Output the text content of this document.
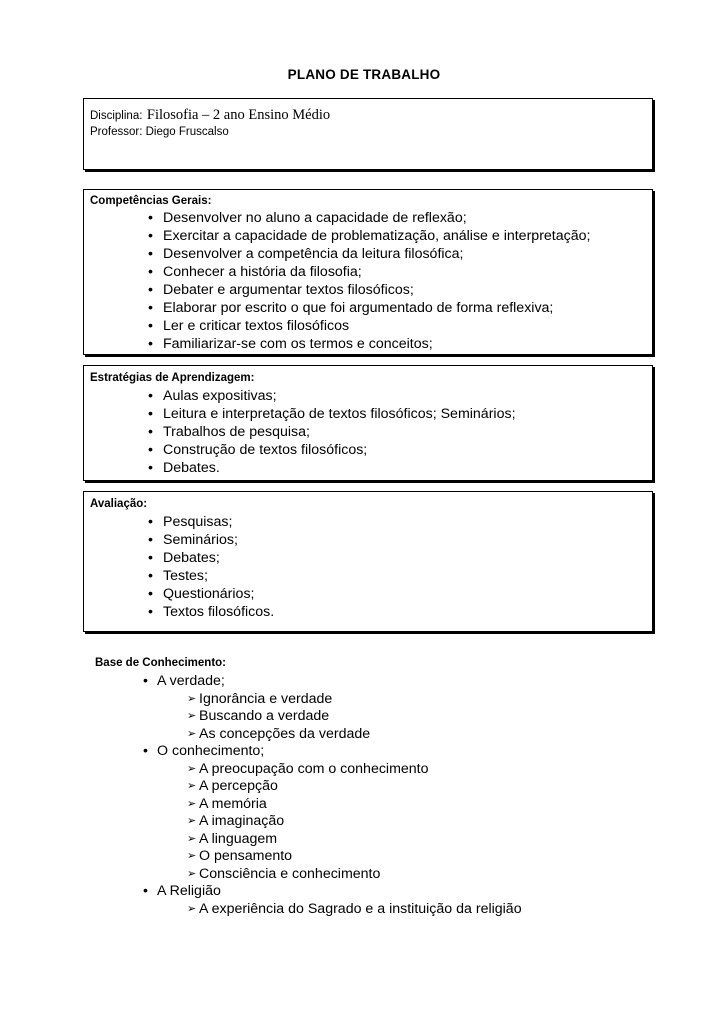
PLANO DE TRABALHO
Disciplina: Filosofia – 2 ano Ensino Médio
Professor: Diego Fruscalso
Competências Gerais:
• Desenvolver no aluno a capacidade de reflexão;
• Exercitar a capacidade de problematização, análise e interpretação;
• Desenvolver a competência da leitura filosófica;
• Conhecer a história da filosofia;
• Debater e argumentar textos filosóficos;
• Elaborar por escrito o que foi argumentado de forma reflexiva;
• Ler e criticar textos filosóficos
• Familiarizar-se com os termos e conceitos;
Estratégias de Aprendizagem:
• Aulas expositivas;
• Leitura e interpretação de textos filosóficos; Seminários;
• Trabalhos de pesquisa;
• Construção de textos filosóficos;
• Debates.
Avaliação:
• Pesquisas;
• Seminários;
• Debates;
• Testes;
• Questionários;
• Textos filosóficos.
Base de Conhecimento:
• A verdade;
➢ Ignorância e verdade
➢ Buscando a verdade
➢ As concepções da verdade
• O conhecimento;
➢ A preocupação com o conhecimento
➢ A percepção
➢ A memória
➢ A imaginação
➢ A linguagem
➢ O pensamento
➢ Consciência e conhecimento
• A Religião
➢ A experiência do Sagrado e a instituição da religião
